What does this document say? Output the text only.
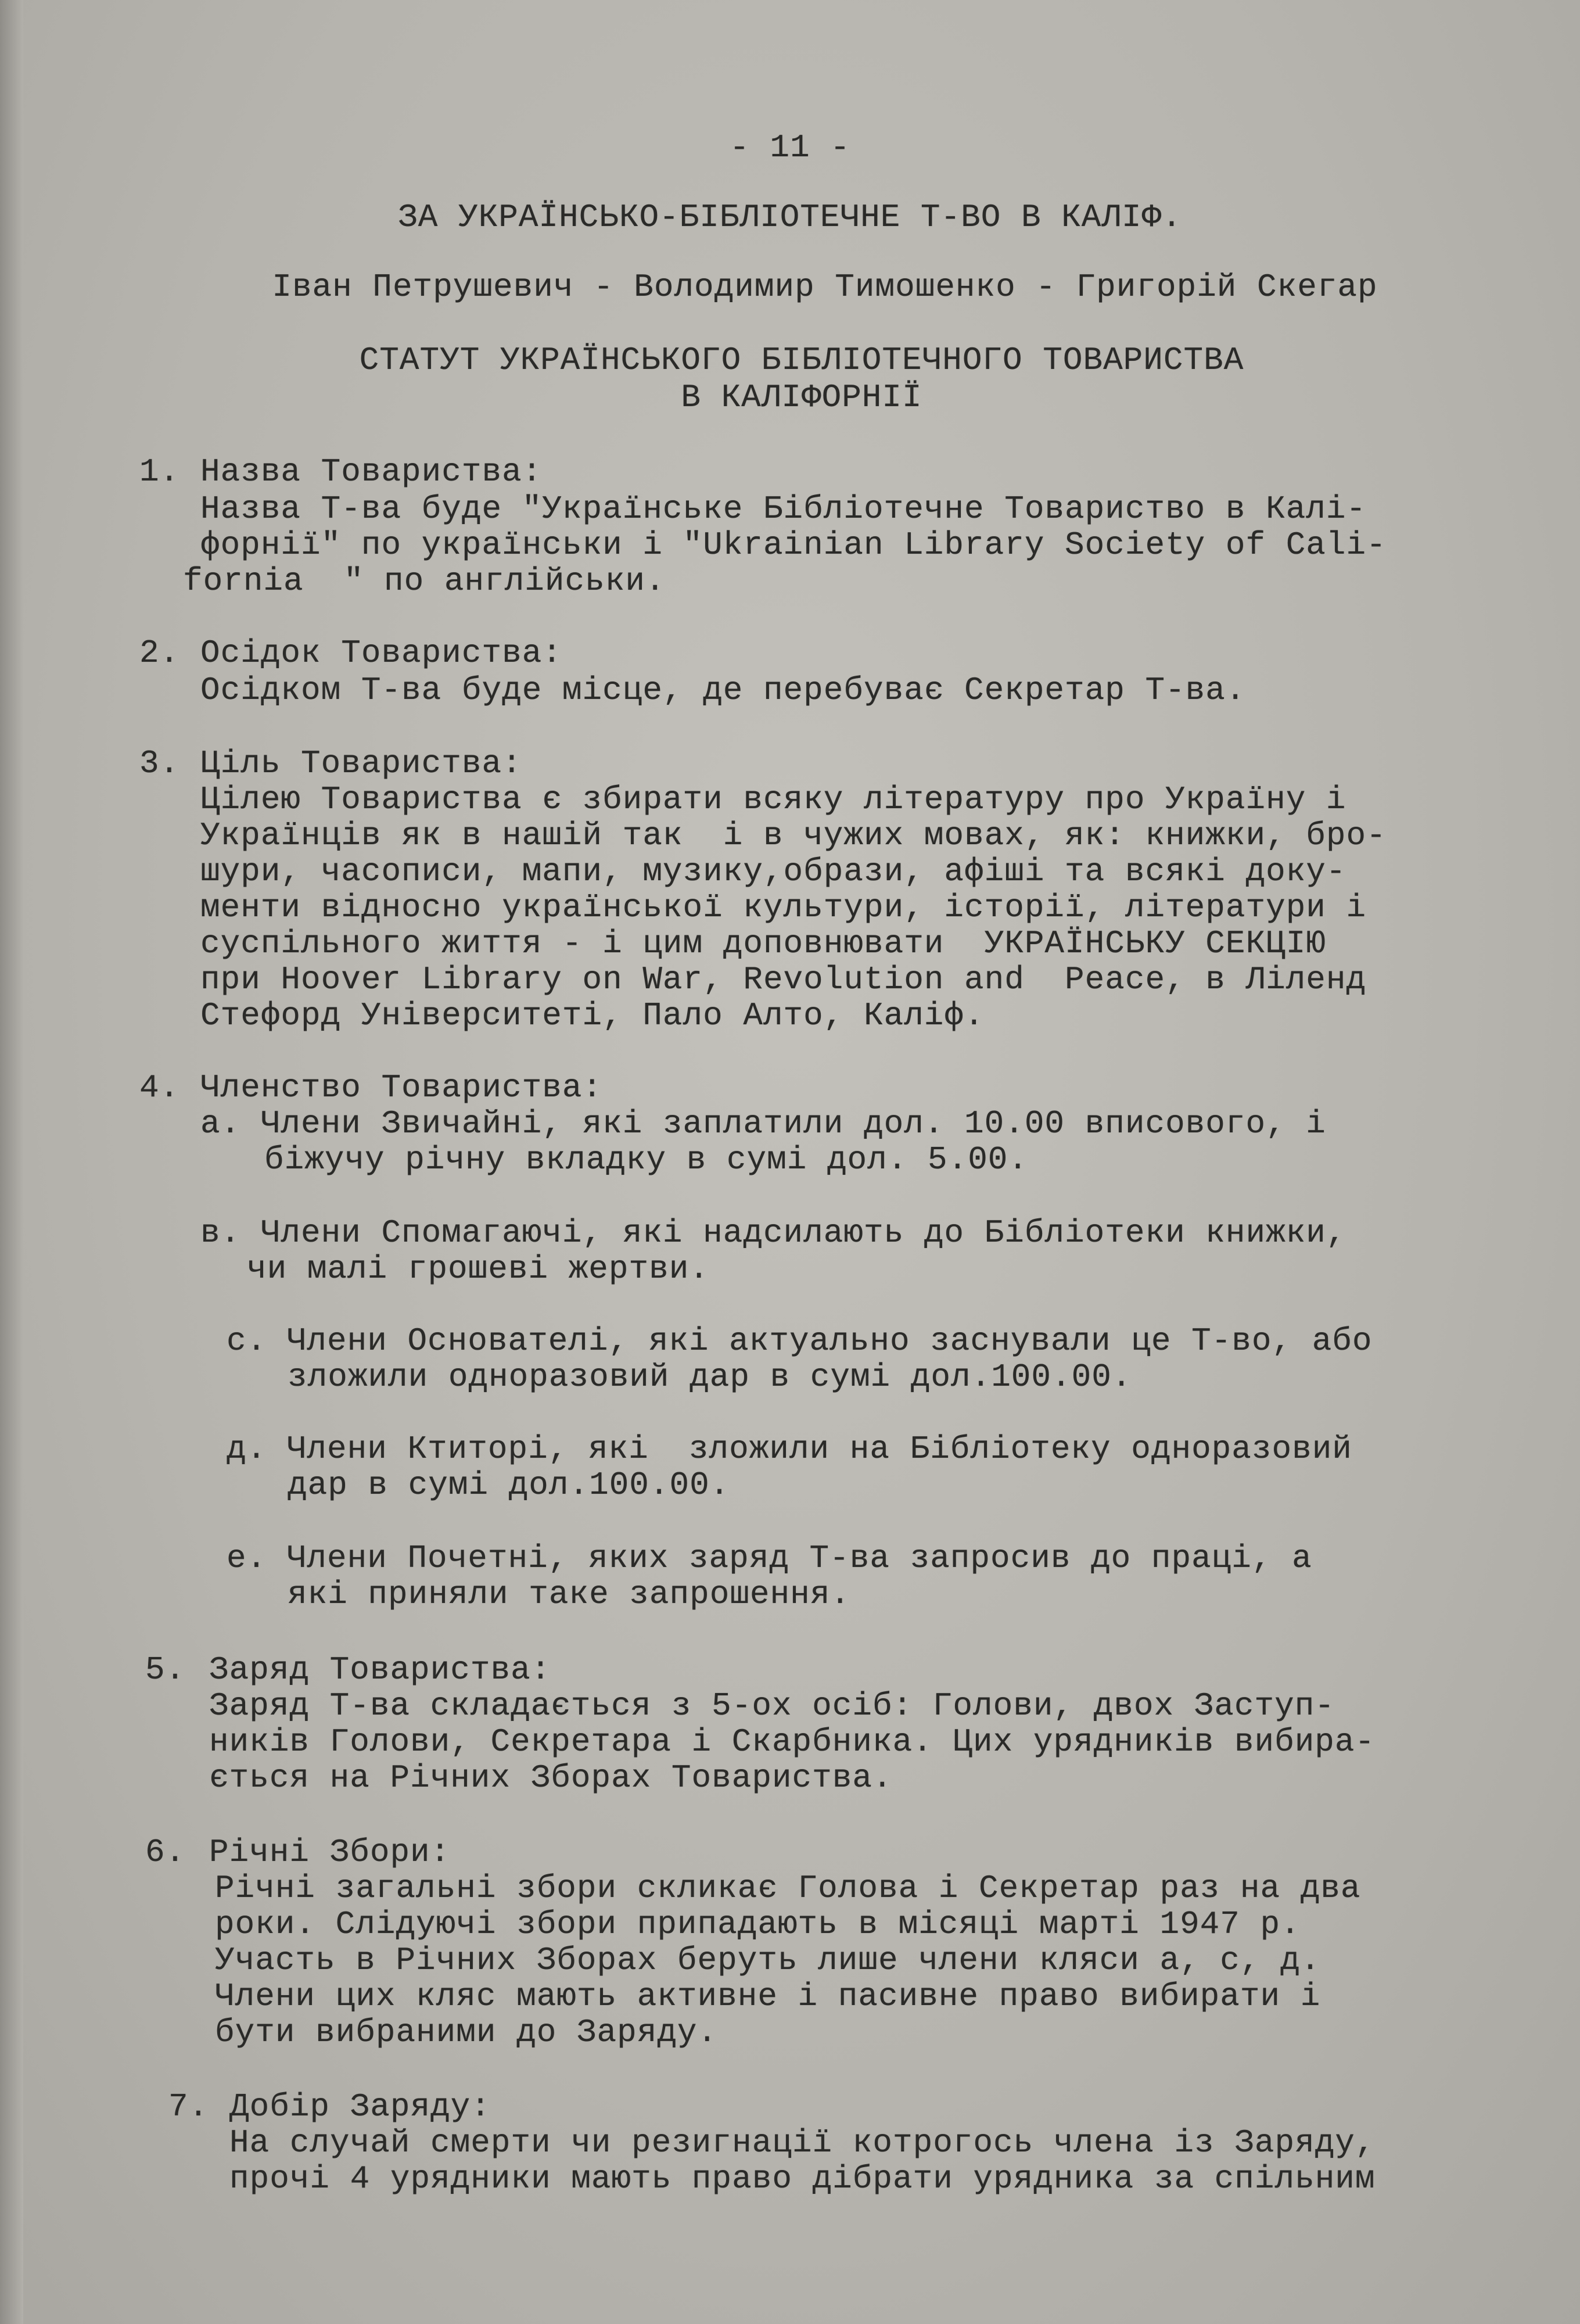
- 11 -
ЗА УКРАЇНСЬКО-БІБЛІОТЕЧНЕ Т-ВО В КАЛІФ.
Іван Петрушевич - Володимир Тимошенко - Григорій Скегар
СТАТУТ УКРАЇНСЬКОГО БІБЛІОТЕЧНОГО ТОВАРИСТВА
В КАЛІФОРНІЇ
1. Назва Товариства:
Назва Т-ва буде "Українське Бібліотечне Товариство в Калі-
форнії" по українськи і "Ukrainian Library Society of Cali-
fornia  " по англійськи.
2. Осідок Товариства:
Осідком Т-ва буде місце, де перебуває Секретар Т-ва.
3. Ціль Товариства:
Цілею Товариства є збирати всяку літературу про Україну і
Українців як в нашій так  і в чужих мовах, як: книжки, бро-
шури, часописи, мапи, музику,образи, афіші та всякі доку-
менти відносно української культури, історії, літератури і
суспільного життя - і цим доповнювати  УКРАЇНСЬКУ СЕКЦІЮ
при Hoover Library on War, Revolution and  Peace, в Ліленд
Стефорд Університеті, Пало Алто, Каліф.
4. Членство Товариства:
а. Члени Звичайні, які заплатили дол. 10.00 вписового, і
біжучу річну вкладку в сумі дол. 5.00.
в. Члени Спомагаючі, які надсилають до Бібліотеки книжки,
чи малі грошеві жертви.
с. Члени Основателі, які актуально заснували це Т-во, або
зложили одноразовий дар в сумі дол.100.00.
д. Члени Ктиторі, які  зложили на Бібліотеку одноразовий
дар в сумі дол.100.00.
е. Члени Почетні, яких заряд Т-ва запросив до праці, а
які приняли таке запрошення.
5. Заряд Товариства:
Заряд Т-ва складається з 5-ох осіб: Голови, двох Заступ-
ників Голови, Секретара і Скарбника. Цих урядників вибира-
ється на Річних Зборах Товариства.
6. Річні Збори:
Річні загальні збори скликає Голова і Секретар раз на два
роки. Слідуючі збори припадають в місяці марті 1947 р.
Участь в Річних Зборах беруть лише члени кляси а, с, д.
Члени цих кляс мають активне і пасивне право вибирати і
бути вибраними до Заряду.
7. Добір Заряду:
На случай смерти чи резигнації котрогось члена із Заряду,
прочі 4 урядники мають право дібрати урядника за спільним
